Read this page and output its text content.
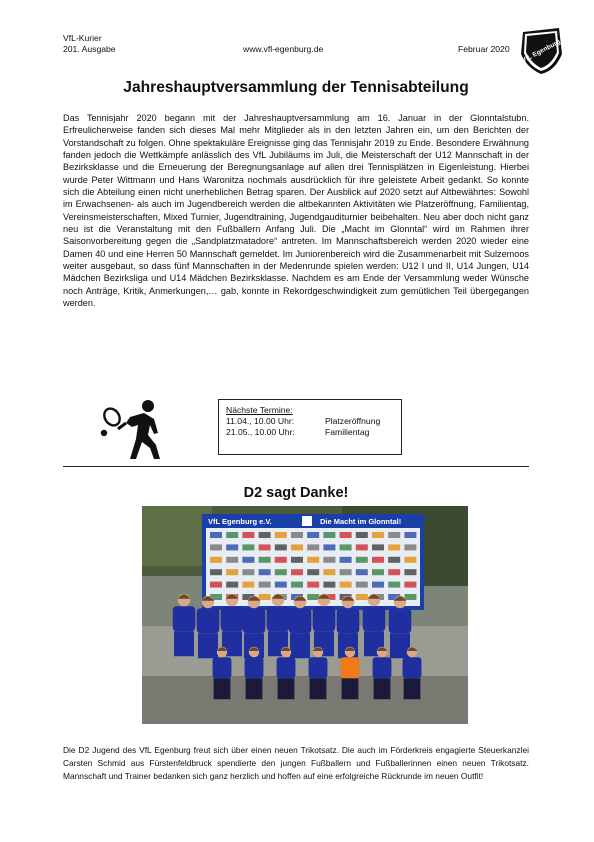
VfL-Kurier
201. Ausgabe	www.vfl-egenburg.de	Februar 2020 VfL Egenburg
Jahreshauptversammlung der Tennisabteilung
Das Tennisjahr 2020 begann mit der Jahreshauptversammlung am 16. Januar in der Glonntalstubn. Erfreulicherweise fanden sich dieses Mal mehr Mitglieder als in den letzten Jahren ein, um den Berichten der Vorstandschaft zu folgen. Ohne spektakuläre Ereignisse ging das Tennisjahr 2019 zu Ende. Besondere Erwähnung fanden jedoch die Wettkämpfe anlässlich des VfL Jubiläums im Juli, die Meisterschaft der U12 Mannschaft in der Bezirksklasse und die Erneuerung der Beregnungsanlage auf allen drei Tennisplätzen in Eigenleistung. Hierbei wurde Peter Wittmann und Hans Waronitza nochmals ausdrücklich für ihre geleistete Arbeit gedankt. So konnte sich die Abteilung einen nicht unerheblichen Betrag sparen. Der Ausblick auf 2020 setzt auf Altbewährtes: Sowohl im Erwachsenen- als auch im Jugendbereich werden die altbekannten Aktivitäten wie Platzeröffnung, Familientag, Vereinsmeisterschaften, Mixed Turnier, Jugendtraining, Jugendgauditurnier beibehalten. Neu aber doch nicht ganz neu ist die Veranstaltung mit den Fußballern Anfang Juli. Die „Macht im Glonntal“ wird im Rahmen ihrer Saisonvorbereitung gegen die „Sandplatzmatadore“ antreten. Im Mannschaftsbereich werden 2020 wieder eine Damen 40 und eine Herren 50 Mannschaft gemeldet. Im Juniorenbereich wird die Zusammenarbeit mit Sulzemoos weiter ausgebaut, so dass fünf Mannschaften in der Medenrunde spielen werden: U12 I und II, U14 Jungen, U14 Mädchen Bezirksliga und U14 Mädchen Bezirksklasse. Nachdem es am Ende der Versammlung weder Wünsche noch Anträge, Kritik, Anmerkungen,… gab, konnte in Rekordgeschwindigkeit zum gemütlichen Teil übergegangen werden.
Nächste Termine:
11.04., 10.00 Uhr:	Platzeröffnung
21.05., 10.00 Uhr:	Familientag
D2 sagt Danke!
VfL Egenburg e.V.	Die Macht im Glonntal!
Die D2 Jugend des VfL Egenburg freut sich über einen neuen Trikotsatz. Die auch im Förderkreis engagierte Steuerkanzlei Carsten Schmid aus Fürstenfeldbruck spendierte den jungen Fußballern und Fußballerinnen einen neuen Trikotsatz. Mannschaft und Trainer bedanken sich ganz herzlich und hoffen auf eine erfolgreiche Rückrunde im neuen Outfit!
